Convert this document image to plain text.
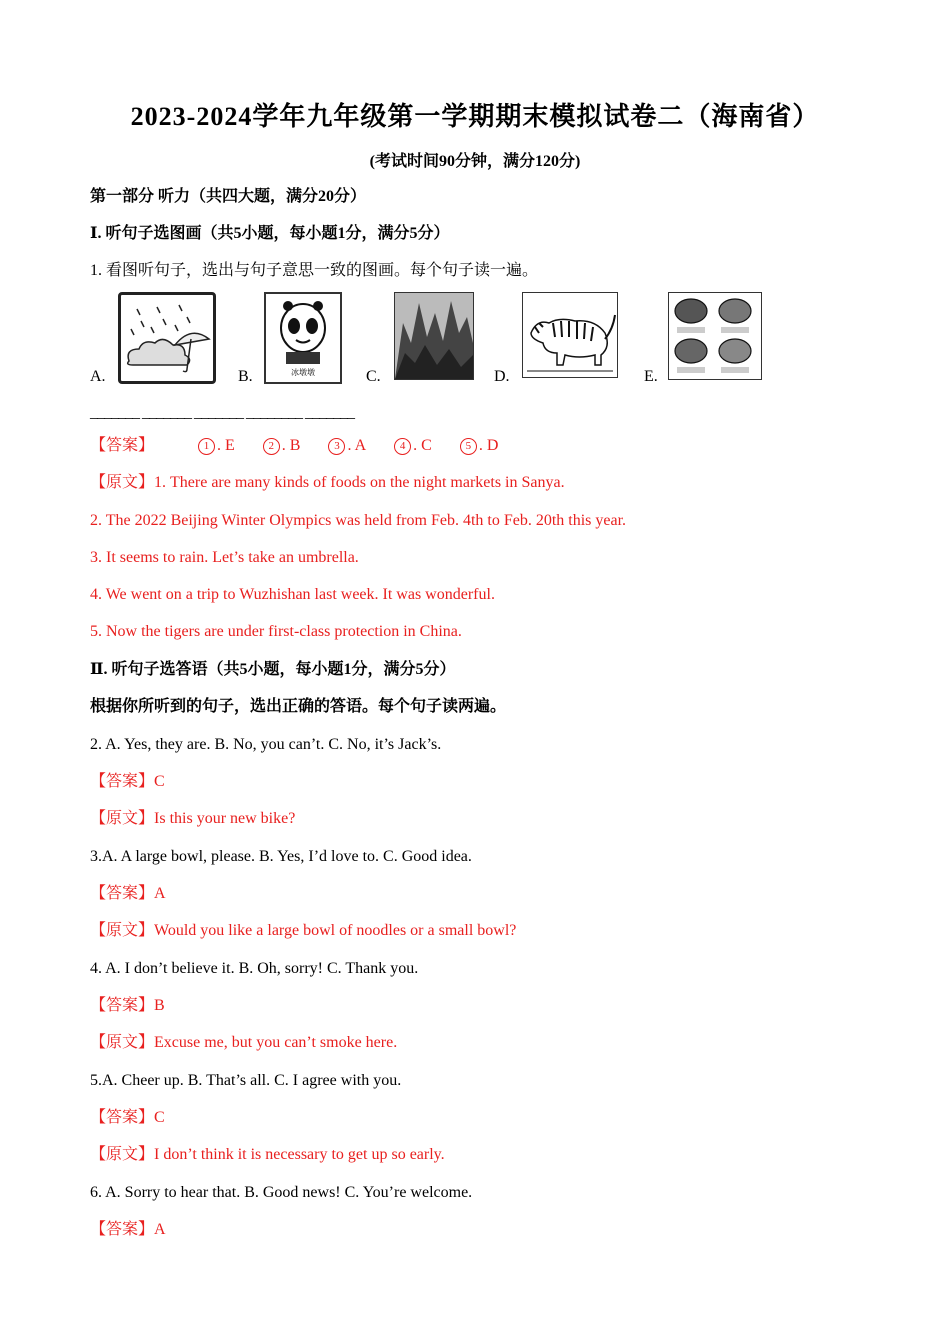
2023-2024学年九年级第一学期期末模拟试卷二（海南省）
(考试时间90分钟，满分120分)
第一部分 听力（共四大题，满分20分）
Ⅰ. 听句子选图画（共5小题，每小题1分，满分5分）
1. 看图听句子，选出与句子意思一致的图画。每个句子读一遍。
A.	B.	冰墩墩	C.	D.	E.
_______ _______ _______ ________ _______
【答案】	1 . E	2 . B	3 . A	4 . C	5 . D
【原文】1. There are many kinds of foods on the night markets in Sanya.
2. The 2022 Beijing Winter Olympics was held from Feb. 4th to Feb. 20th this year.
3. It seems to rain. Let’s take an umbrella.
4. We went on a trip to Wuzhishan last week. It was wonderful.
5. Now the tigers are under first-class protection in China.
Ⅱ. 听句子选答语（共5小题，每小题1分，满分5分）
根据你所听到的句子，选出正确的答语。每个句子读两遍。
2. A. Yes, they are. B. No, you can’t. C. No, it’s Jack’s.
【答案】C
【原文】Is this your new bike?
3.A. A large bowl, please. B. Yes, I’d love to. C. Good idea.
【答案】A
【原文】Would you like a large bowl of noodles or a small bowl?
4. A. I don’t believe it. B. Oh, sorry! C. Thank you.
【答案】B
【原文】Excuse me, but you can’t smoke here.
5.A. Cheer up. B. That’s all. C. I agree with you.
【答案】C
【原文】I don’t think it is necessary to get up so early.
6. A. Sorry to hear that. B. Good news! C. You’re welcome.
【答案】A
